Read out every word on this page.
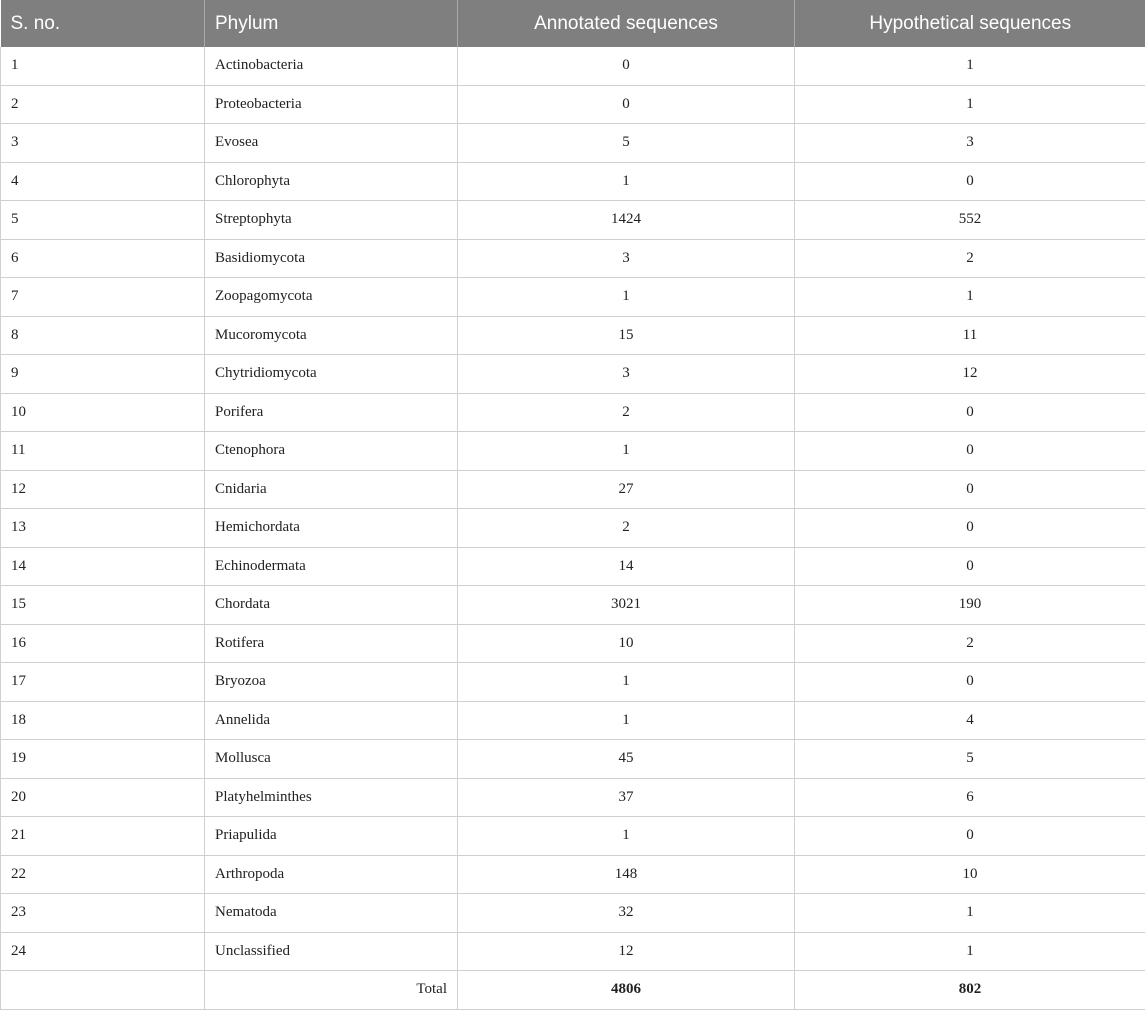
S. no.	Phylum	Annotated sequences	Hypothetical sequences
1	Actinobacteria	0	1
2	Proteobacteria	0	1
3	Evosea	5	3
4	Chlorophyta	1	0
5	Streptophyta	1424	552
6	Basidiomycota	3	2
7	Zoopagomycota	1	1
8	Mucoromycota	15	11
9	Chytridiomycota	3	12
10	Porifera	2	0
11	Ctenophora	1	0
12	Cnidaria	27	0
13	Hemichordata	2	0
14	Echinodermata	14	0
15	Chordata	3021	190
16	Rotifera	10	2
17	Bryozoa	1	0
18	Annelida	1	4
19	Mollusca	45	5
20	Platyhelminthes	37	6
21	Priapulida	1	0
22	Arthropoda	148	10
23	Nematoda	32	1
24	Unclassified	12	1
	Total	4806	802
